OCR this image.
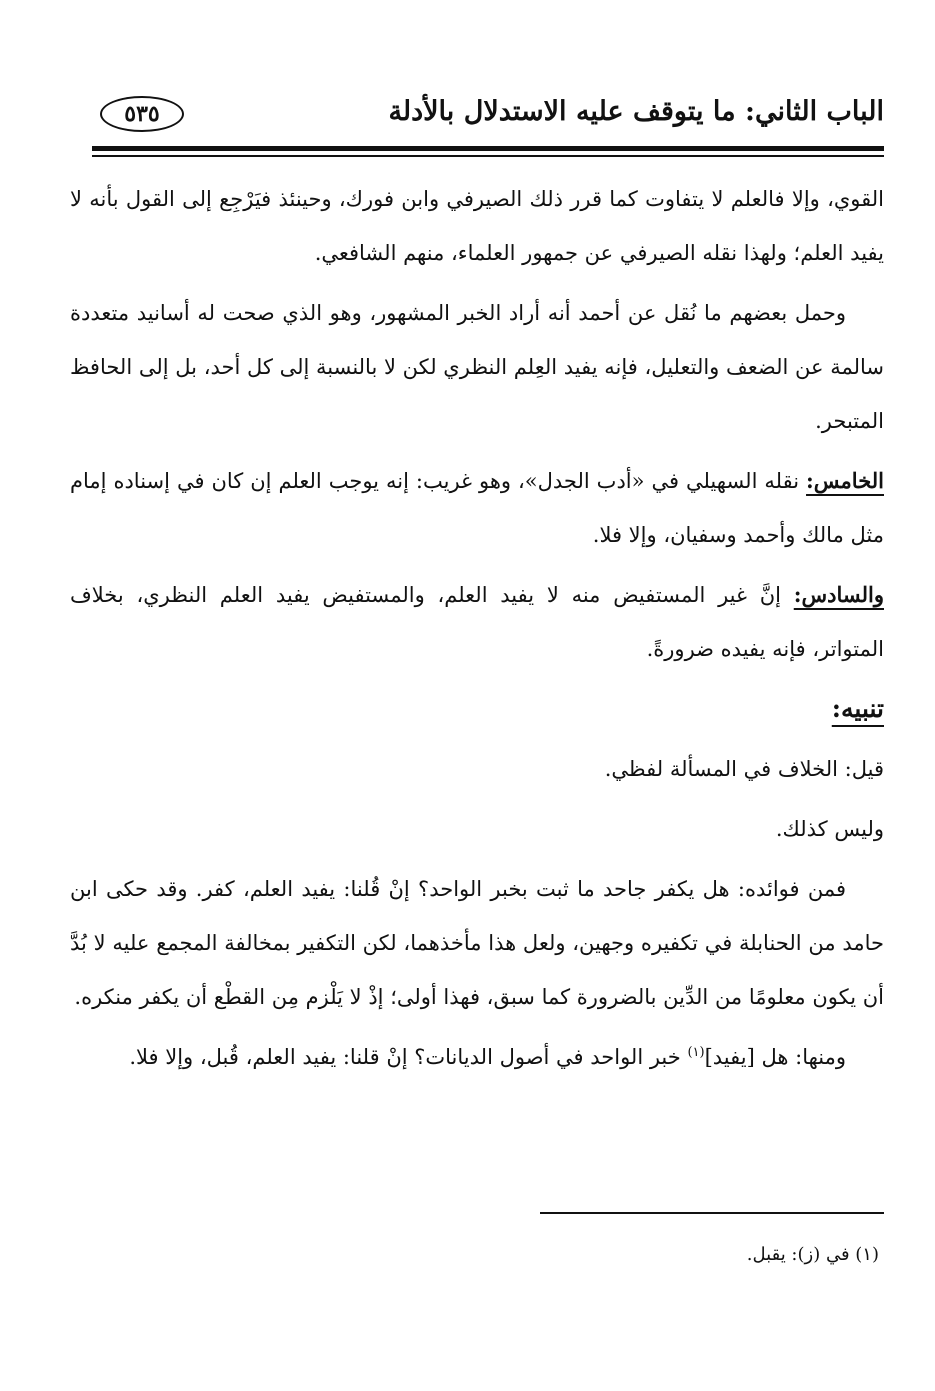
الباب الثاني: ما يتوقف عليه الاستدلال بالأدلة
٥٣٥

القوي، وإلا فالعلم لا يتفاوت كما قرر ذلك الصيرفي وابن فورك، وحينئذ فيَرْجِع إلى القول بأنه لا يفيد العلم؛ ولهذا نقله الصيرفي عن جمهور العلماء، منهم الشافعي.

وحمل بعضهم ما نُقل عن أحمد أنه أراد الخبر المشهور، وهو الذي صحت له أسانيد متعددة سالمة عن الضعف والتعليل، فإنه يفيد العِلم النظري لكن لا بالنسبة إلى كل أحد، بل إلى الحافظ المتبحر.

الخامس: نقله السهيلي في «أدب الجدل»، وهو غريب: إنه يوجب العلم إن كان في إسناده إمام مثل مالك وأحمد وسفيان، وإلا فلا.

والسادس: إنَّ غير المستفيض منه لا يفيد العلم، والمستفيض يفيد العلم النظري، بخلاف المتواتر، فإنه يفيده ضرورةً.

تنبيه:

قيل: الخلاف في المسألة لفظي.

وليس كذلك.

فمن فوائده: هل يكفر جاحد ما ثبت بخبر الواحد؟ إنْ قُلنا: يفيد العلم، كفر. وقد حكى ابن حامد من الحنابلة في تكفيره وجهين، ولعل هذا مأخذهما، لكن التكفير بمخالفة المجمع عليه لا بُدَّ أن يكون معلومًا من الدِّين بالضرورة كما سبق، فهذا أولى؛ إذْ لا يَلْزم مِن القطْع أن يكفر منكره.

ومنها: هل [يفيد]$^{(١)}$ خبر الواحد في أصول الديانات؟ إنْ قلنا: يفيد العلم، قُبل، وإلا فلا.

(١) في (ز): يقبل.
